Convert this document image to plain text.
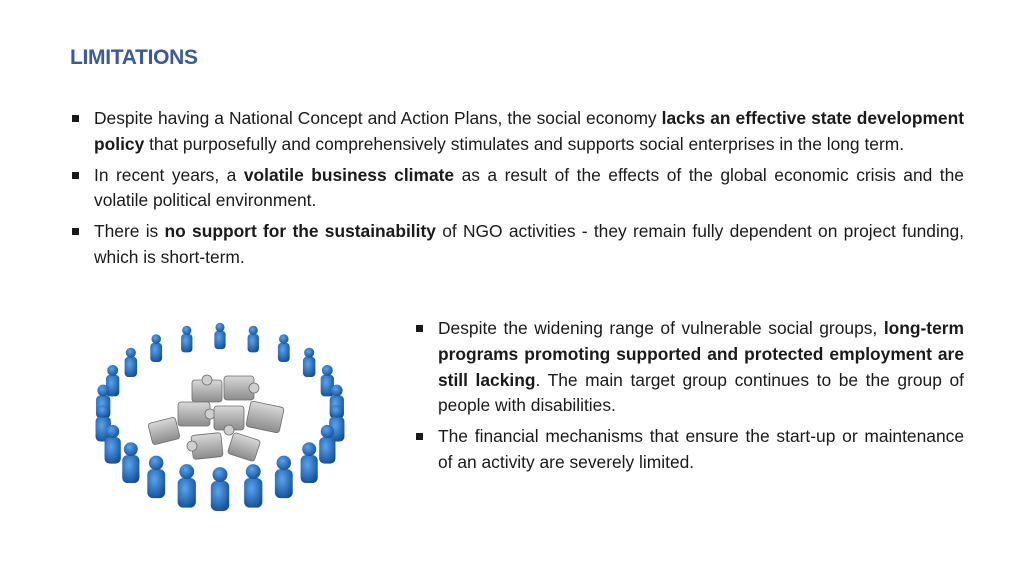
LIMITATIONS
Despite having a National Concept and Action Plans, the social economy lacks an effective state development policy that purposefully and comprehensively stimulates and supports social enterprises in the long term.
In recent years, a volatile business climate as a result of the effects of the global economic crisis and the volatile political environment.
There is no support for the sustainability of NGO activities - they remain fully dependent on project funding, which is short-term.
Despite the widening range of vulnerable social groups, long-term programs promoting supported and protected employment are still lacking. The main target group continues to be the group of people with disabilities.
The financial mechanisms that ensure the start-up or maintenance of an activity are severely limited.
